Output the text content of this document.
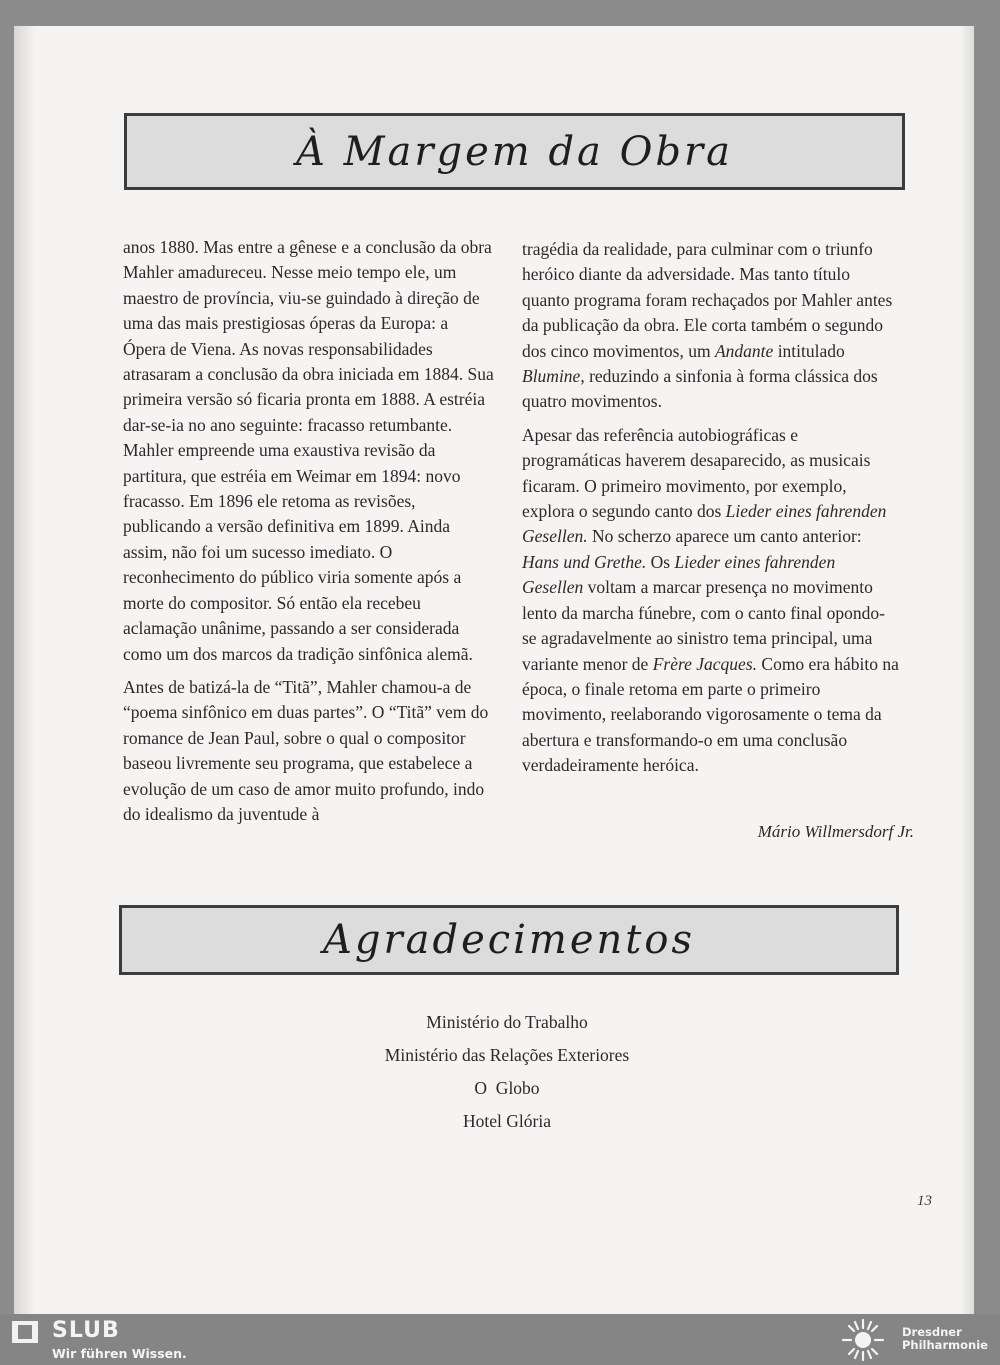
À Margem da Obra

anos 1880. Mas entre a gênese e a conclusão da obra Mahler amadureceu. Nesse meio tempo ele, um maestro de província, viu-se guindado à direção de uma das mais prestigiosas óperas da Europa: a Ópera de Viena. As novas responsabilidades atrasaram a conclusão da obra iniciada em 1884. Sua primeira versão só ficaria pronta em 1888. A estréia dar-se-ia no ano seguinte: fracasso retumbante. Mahler empreende uma exaustiva revisão da partitura, que estréia em Weimar em 1894: novo fracasso. Em 1896 ele retoma as revisões, publicando a versão definitiva em 1899. Ainda assim, não foi um sucesso imediato. O reconhecimento do público viria somente após a morte do compositor. Só então ela recebeu aclamação unânime, passando a ser considerada como um dos marcos da tradição sinfônica alemã.

Antes de batizá-la de “Titã”, Mahler chamou-a de “poema sinfônico em duas partes”. O “Titã” vem do romance de Jean Paul, sobre o qual o compositor baseou livremente seu programa, que estabelece a evolução de um caso de amor muito profundo, indo do idealismo da juventude à

tragédia da realidade, para culminar com o triunfo heróico diante da adversidade. Mas tanto título quanto programa foram rechaçados por Mahler antes da publicação da obra. Ele corta também o segundo dos cinco movimentos, um Andante intitulado Blumine, reduzindo a sinfonia à forma clássica dos quatro movimentos.

Apesar das referência autobiográficas e programáticas haverem desaparecido, as musicais ficaram. O primeiro movimento, por exemplo, explora o segundo canto dos Lieder eines fahrenden Gesellen. No scherzo aparece um canto anterior: Hans und Grethe. Os Lieder eines fahrenden Gesellen voltam a marcar presença no movimento lento da marcha fúnebre, com o canto final opondo-se agradavelmente ao sinistro tema principal, uma variante menor de Frère Jacques. Como era hábito na época, o finale retoma em parte o primeiro movimento, reelaborando vigorosamente o tema da abertura e transformando-o em uma conclusão verdadeiramente heróica.

Mário Willmersdorf Jr.
Agradecimentos
Ministério do Trabalho
Ministério das Relações Exteriores
O  Globo
Hotel Glória
13
SLUB
Wir führen Wissen.
Dresdner
Philharmonie
